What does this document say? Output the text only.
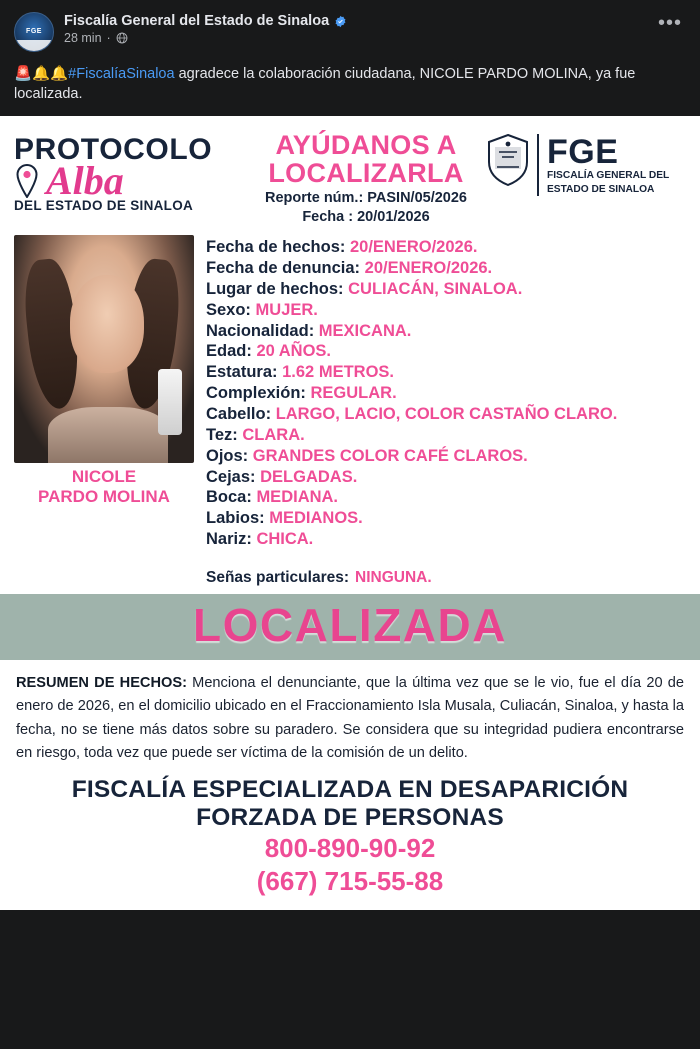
FGE
Fiscalía General del Estado de Sinaloa
28 min ·
•••
🚨🔔🔔#FiscalíaSinaloa agradece la colaboración ciudadana, NICOLE PARDO MOLINA, ya fue localizada.
PROTOCOLO
Alba
DEL ESTADO DE SINALOA
AYÚDANOS A
LOCALIZARLA
Reporte núm.: PASIN/05/2026
Fecha : 20/01/2026
FGE
FISCALÍA GENERAL DEL
ESTADO DE SINALOA
NICOLE
PARDO MOLINA
Fecha de hechos: 20/ENERO/2026.
Fecha de denuncia: 20/ENERO/2026.
Lugar de hechos: CULIACÁN, SINALOA.
Sexo: MUJER.
Nacionalidad: MEXICANA.
Edad: 20 AÑOS.
Estatura: 1.62 METROS.
Complexión: REGULAR.
Cabello: LARGO, LACIO, COLOR CASTAÑO CLARO.
Tez: CLARA.
Ojos: GRANDES COLOR CAFÉ CLAROS.
Cejas: DELGADAS.
Boca: MEDIANA.
Labios: MEDIANOS.
Nariz: CHICA.
Señas particulares: NINGUNA.
LOCALIZADA
RESUMEN DE HECHOS: Menciona el denunciante, que la última vez que se le vio, fue el día 20 de enero de 2026, en el domicilio ubicado en el Fraccionamiento Isla Musala, Culiacán, Sinaloa, y hasta la fecha, no se tiene más datos sobre su paradero. Se considera que su integridad pudiera encontrarse en riesgo, toda vez que puede ser víctima de la comisión de un delito.
FISCALÍA ESPECIALIZADA EN DESAPARICIÓN
FORZADA DE PERSONAS
800-890-90-92
(667) 715-55-88
